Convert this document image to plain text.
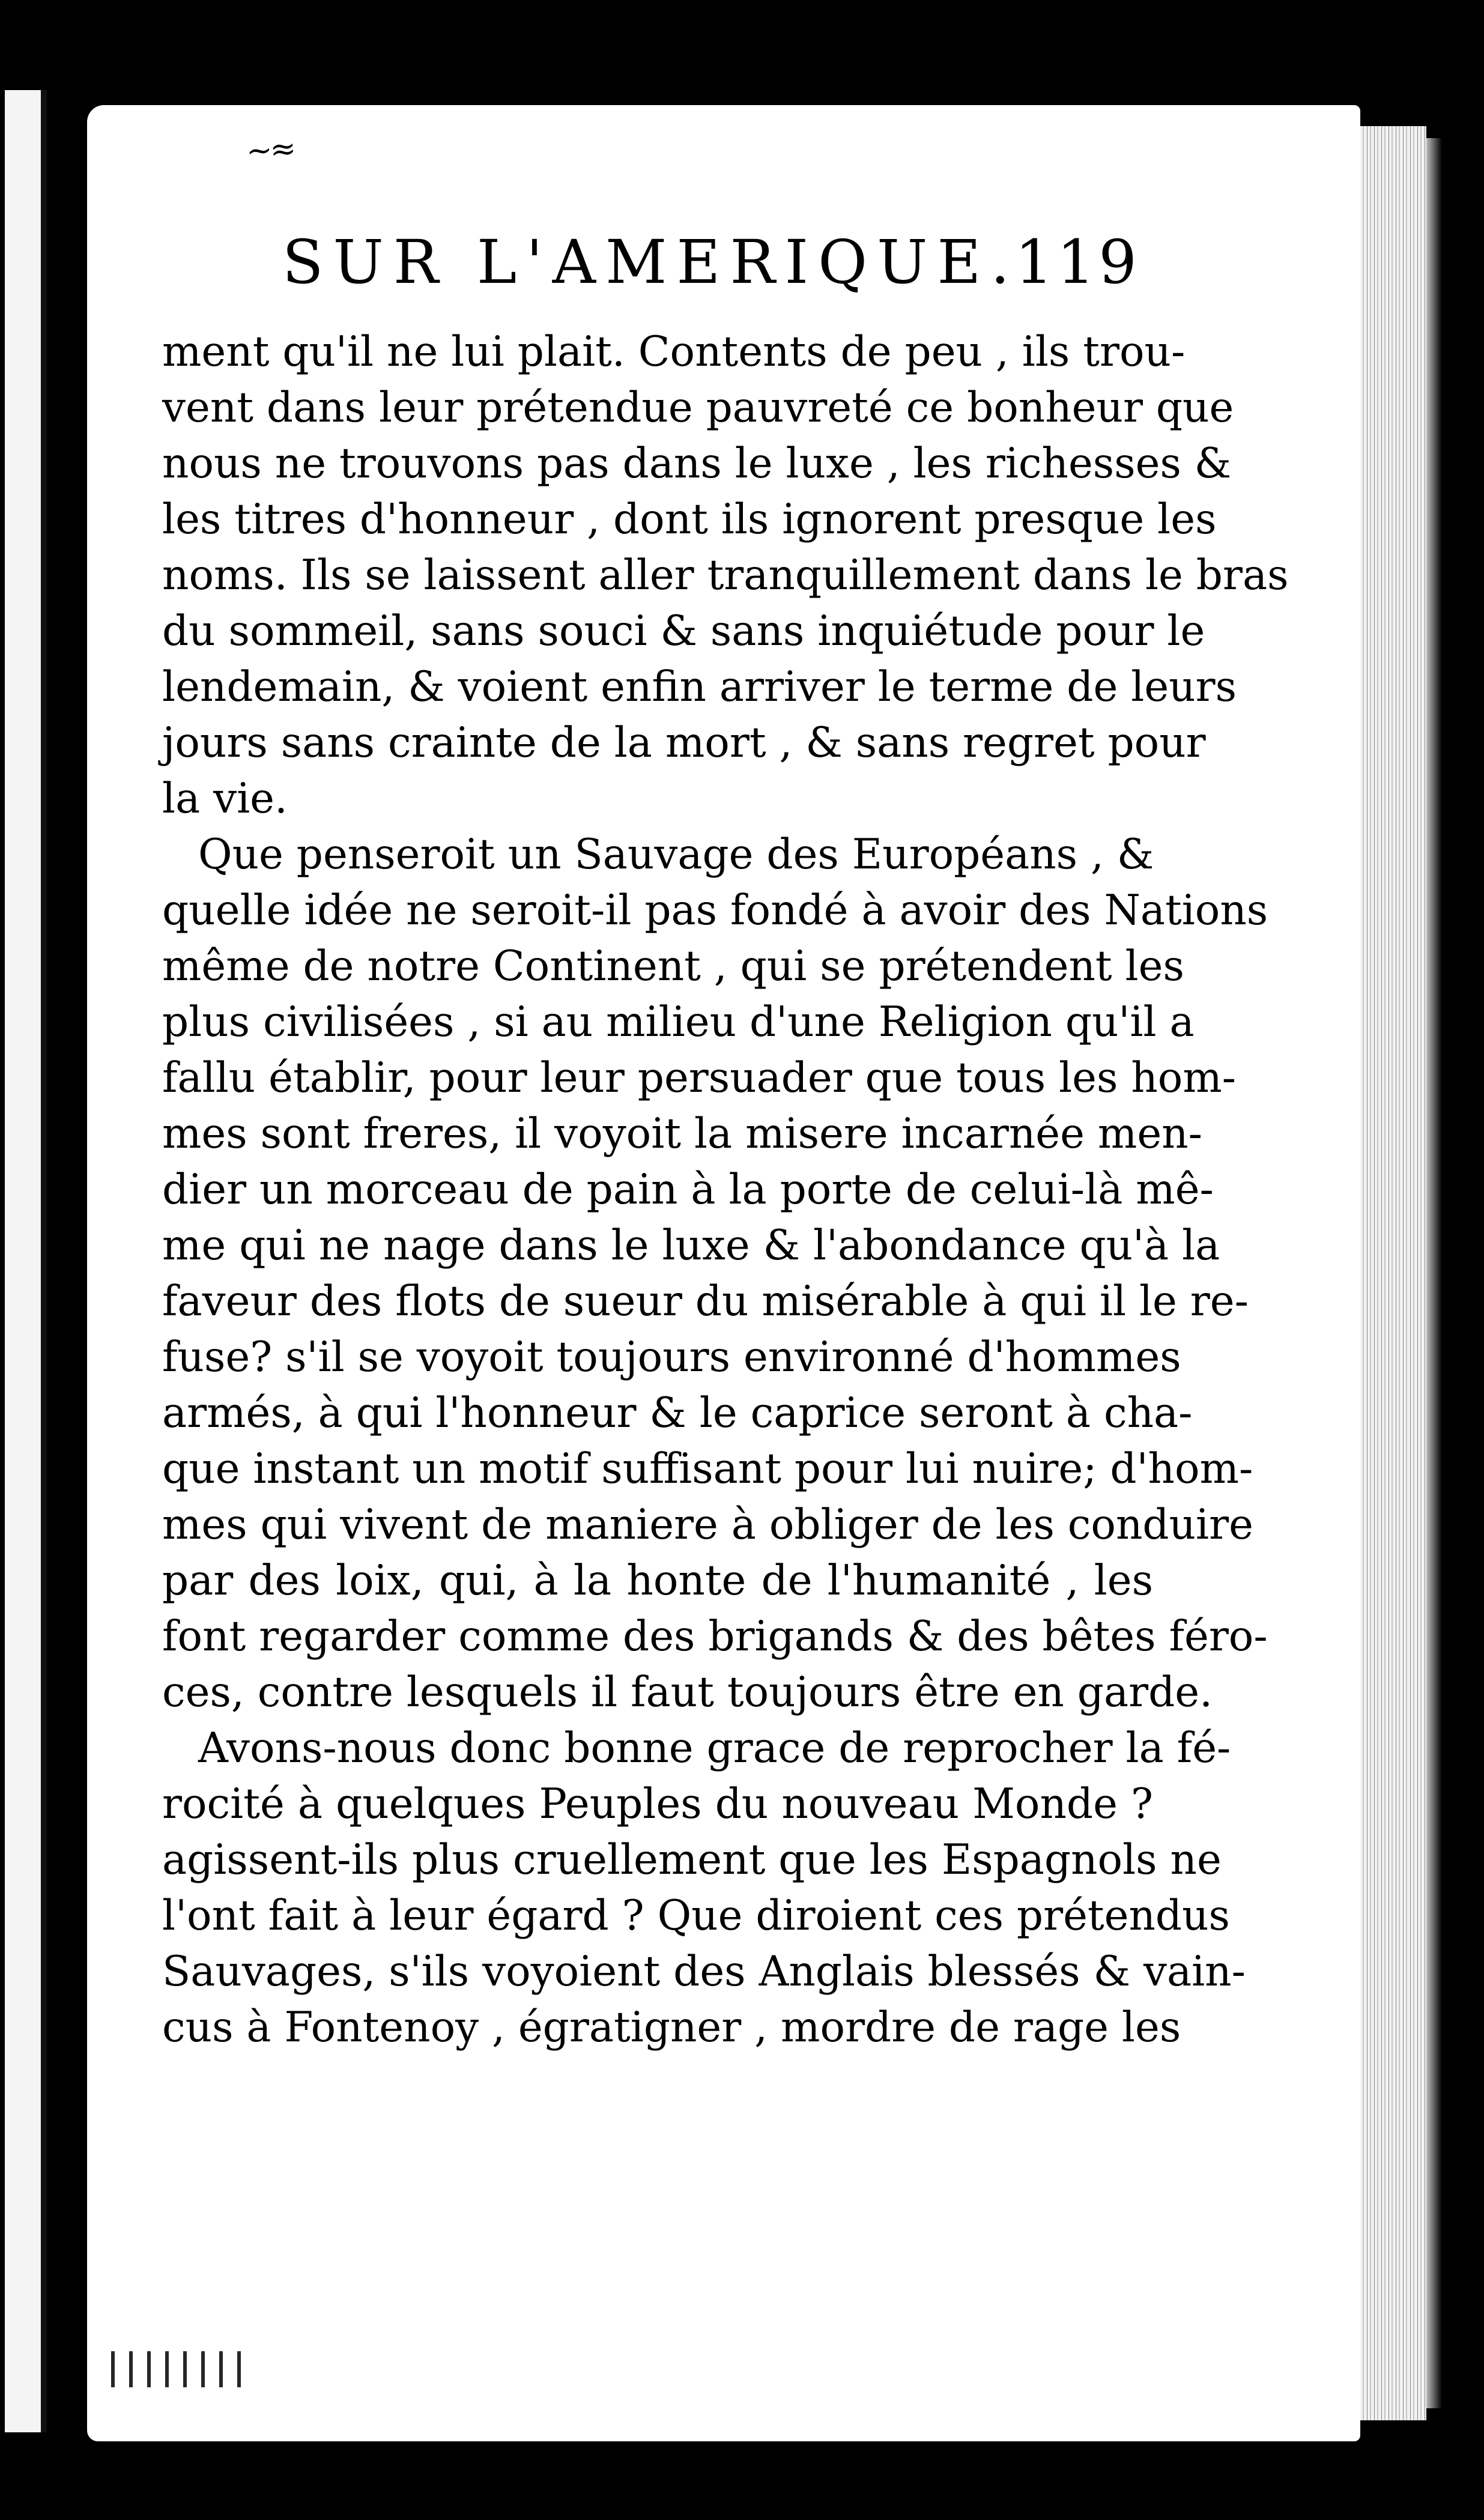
~≈
SUR L'AMERIQUE.
119
ment qu'il ne lui plait. Contents de peu , ils trou-
vent dans leur prétendue pauvreté ce bonheur que
nous ne trouvons pas dans le luxe , les richesses &
les titres d'honneur , dont ils ignorent presque les
noms. Ils se laissent aller tranquillement dans le bras
du sommeil, sans souci & sans inquiétude pour le
lendemain, & voient enfin arriver le terme de leurs
jours sans crainte de la mort , & sans regret pour
la vie.
Que penseroit un Sauvage des Européans , &
quelle idée ne seroit-il pas fondé à avoir des Nations
même de notre Continent , qui se prétendent les
plus civilisées , si au milieu d'une Religion qu'il a
fallu établir, pour leur persuader que tous les hom-
mes sont freres, il voyoit la misere incarnée men-
dier un morceau de pain à la porte de celui-là mê-
me qui ne nage dans le luxe & l'abondance qu'à la
faveur des flots de sueur du misérable à qui il le re-
fuse? s'il se voyoit toujours environné d'hommes
armés, à qui l'honneur & le caprice seront à cha-
que instant un motif suffisant pour lui nuire; d'hom-
mes qui vivent de maniere à obliger de les conduire
par des loix, qui, à la honte de l'humanité , les
font regarder comme des brigands & des bêtes féro-
ces, contre lesquels il faut toujours être en garde.
Avons-nous donc bonne grace de reprocher la fé-
rocité à quelques Peuples du nouveau Monde ?
agissent-ils plus cruellement que les Espagnols ne
l'ont fait à leur égard ? Que diroient ces prétendus
Sauvages, s'ils voyoient des Anglais blessés & vain-
cus à Fontenoy , égratigner , mordre de rage les
